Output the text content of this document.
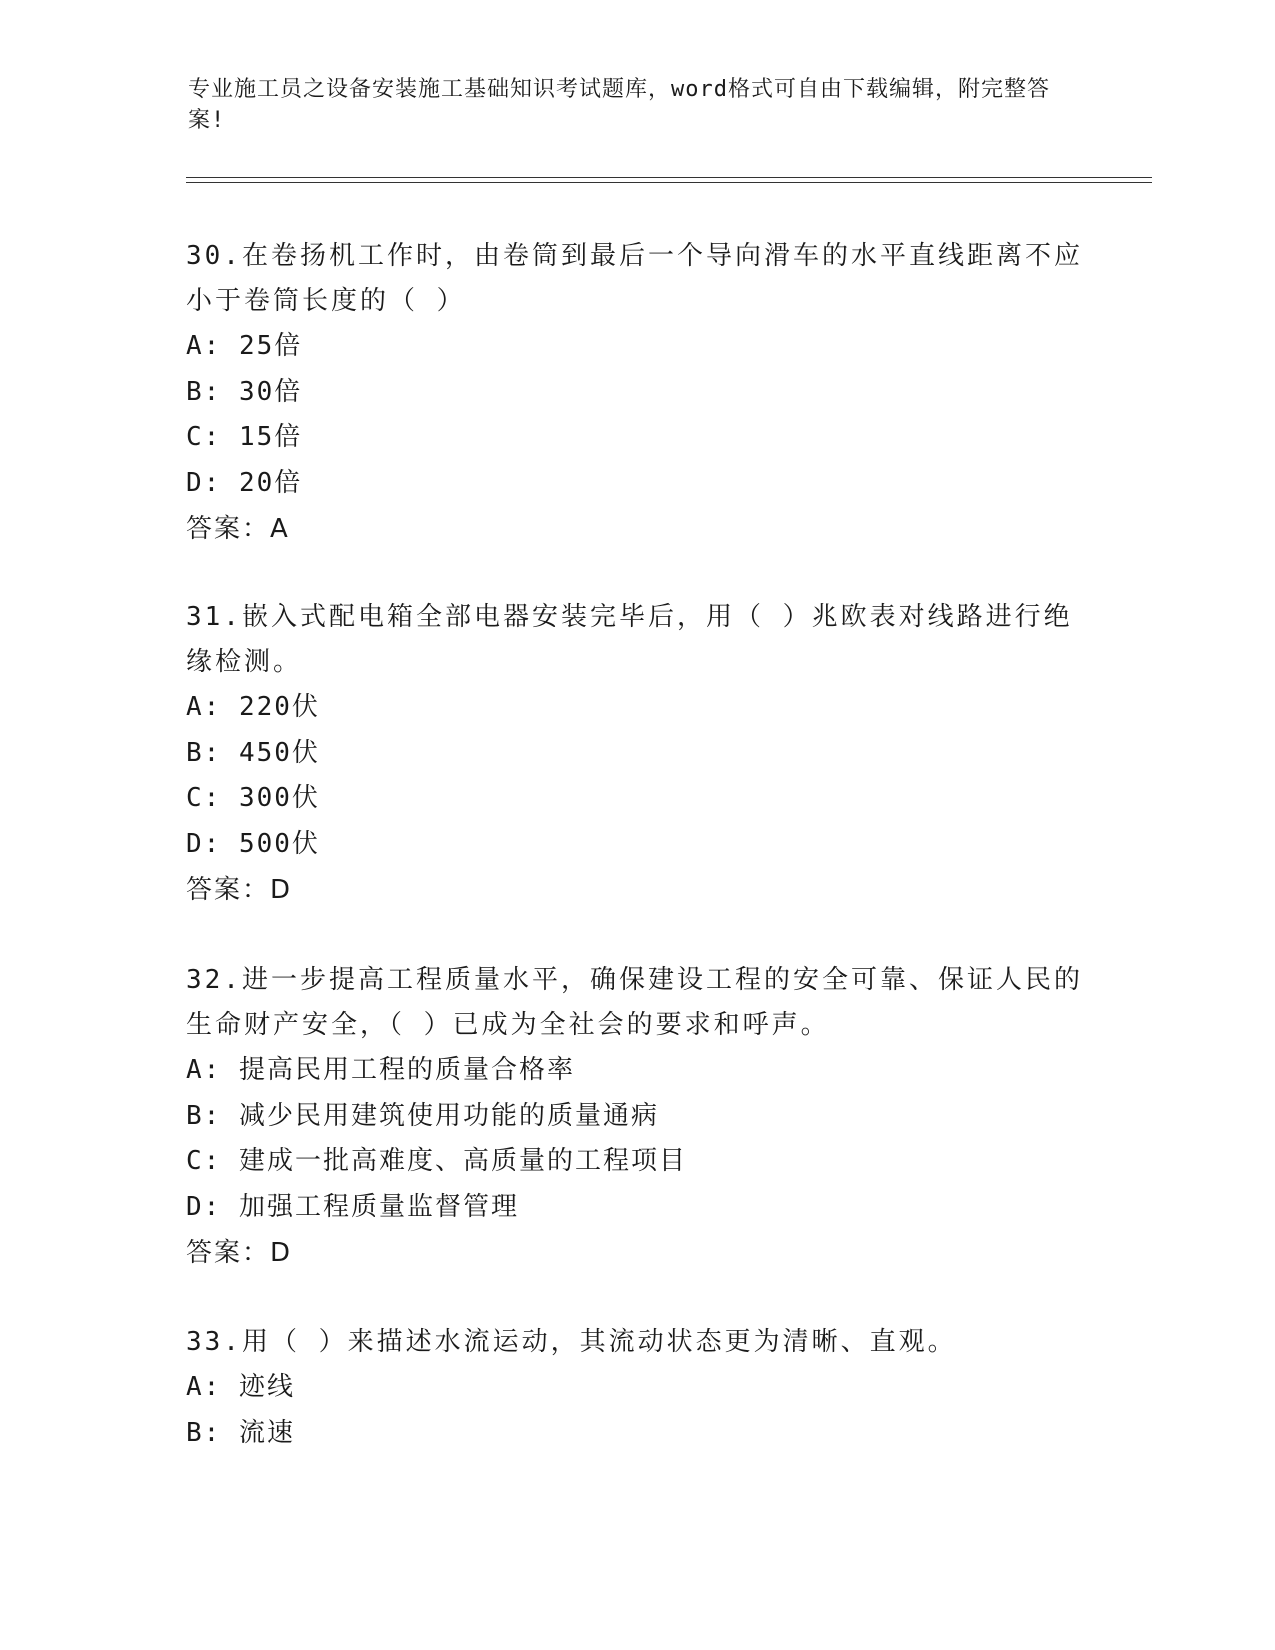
专业施工员之设备安装施工基础知识考试题库，word格式可自由下载编辑，附完整答案!
30.在卷扬机工作时，由卷筒到最后一个导向滑车的水平直线距离不应小于卷筒长度的（ ）
A: 25倍
B: 30倍
C: 15倍
D: 20倍
答案：A
31.嵌入式配电箱全部电器安装完毕后，用（ ）兆欧表对线路进行绝缘检测。
A: 220伏
B: 450伏
C: 300伏
D: 500伏
答案：D
32.进一步提高工程质量水平，确保建设工程的安全可靠、保证人民的生命财产安全，（ ）已成为全社会的要求和呼声。
A: 提高民用工程的质量合格率
B: 减少民用建筑使用功能的质量通病
C: 建成一批高难度、高质量的工程项目
D: 加强工程质量监督管理
答案：D
33.用（ ）来描述水流运动，其流动状态更为清晰、直观。
A: 迹线
B: 流速
